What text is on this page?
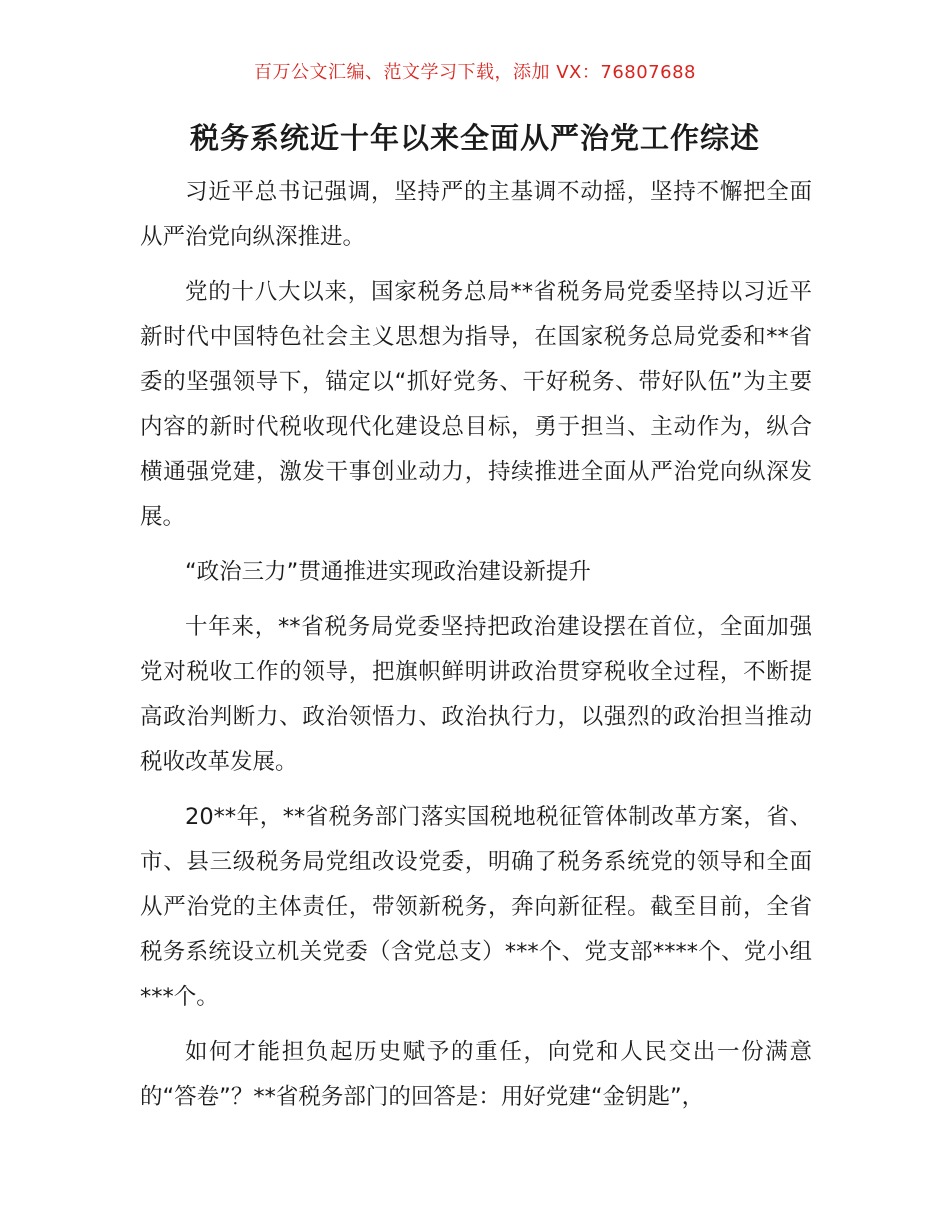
百万公文汇编、范文学习下载，添加 VX：76807688
税务系统近十年以来全面从严治党工作综述

习近平总书记强调，坚持严的主基调不动摇，坚持不懈把全面从严治党向纵深推进。

党的十八大以来，国家税务总局**省税务局党委坚持以习近平新时代中国特色社会主义思想为指导，在国家税务总局党委和**省委的坚强领导下，锚定以“抓好党务、干好税务、带好队伍”为主要内容的新时代税收现代化建设总目标，勇于担当、主动作为，纵合横通强党建，激发干事创业动力，持续推进全面从严治党向纵深发展。

“政治三力”贯通推进实现政治建设新提升

十年来，**省税务局党委坚持把政治建设摆在首位，全面加强党对税收工作的领导，把旗帜鲜明讲政治贯穿税收全过程，不断提高政治判断力、政治领悟力、政治执行力，以强烈的政治担当推动税收改革发展。

20**年，**省税务部门落实国税地税征管体制改革方案，省、市、县三级税务局党组改设党委，明确了税务系统党的领导和全面从严治党的主体责任，带领新税务，奔向新征程。截至目前，全省税务系统设立机关党委（含党总支）***个、党支部****个、党小组***个。

如何才能担负起历史赋予的重任，向党和人民交出一份满意的“答卷”？**省税务部门的回答是：用好党建“金钥匙”，
